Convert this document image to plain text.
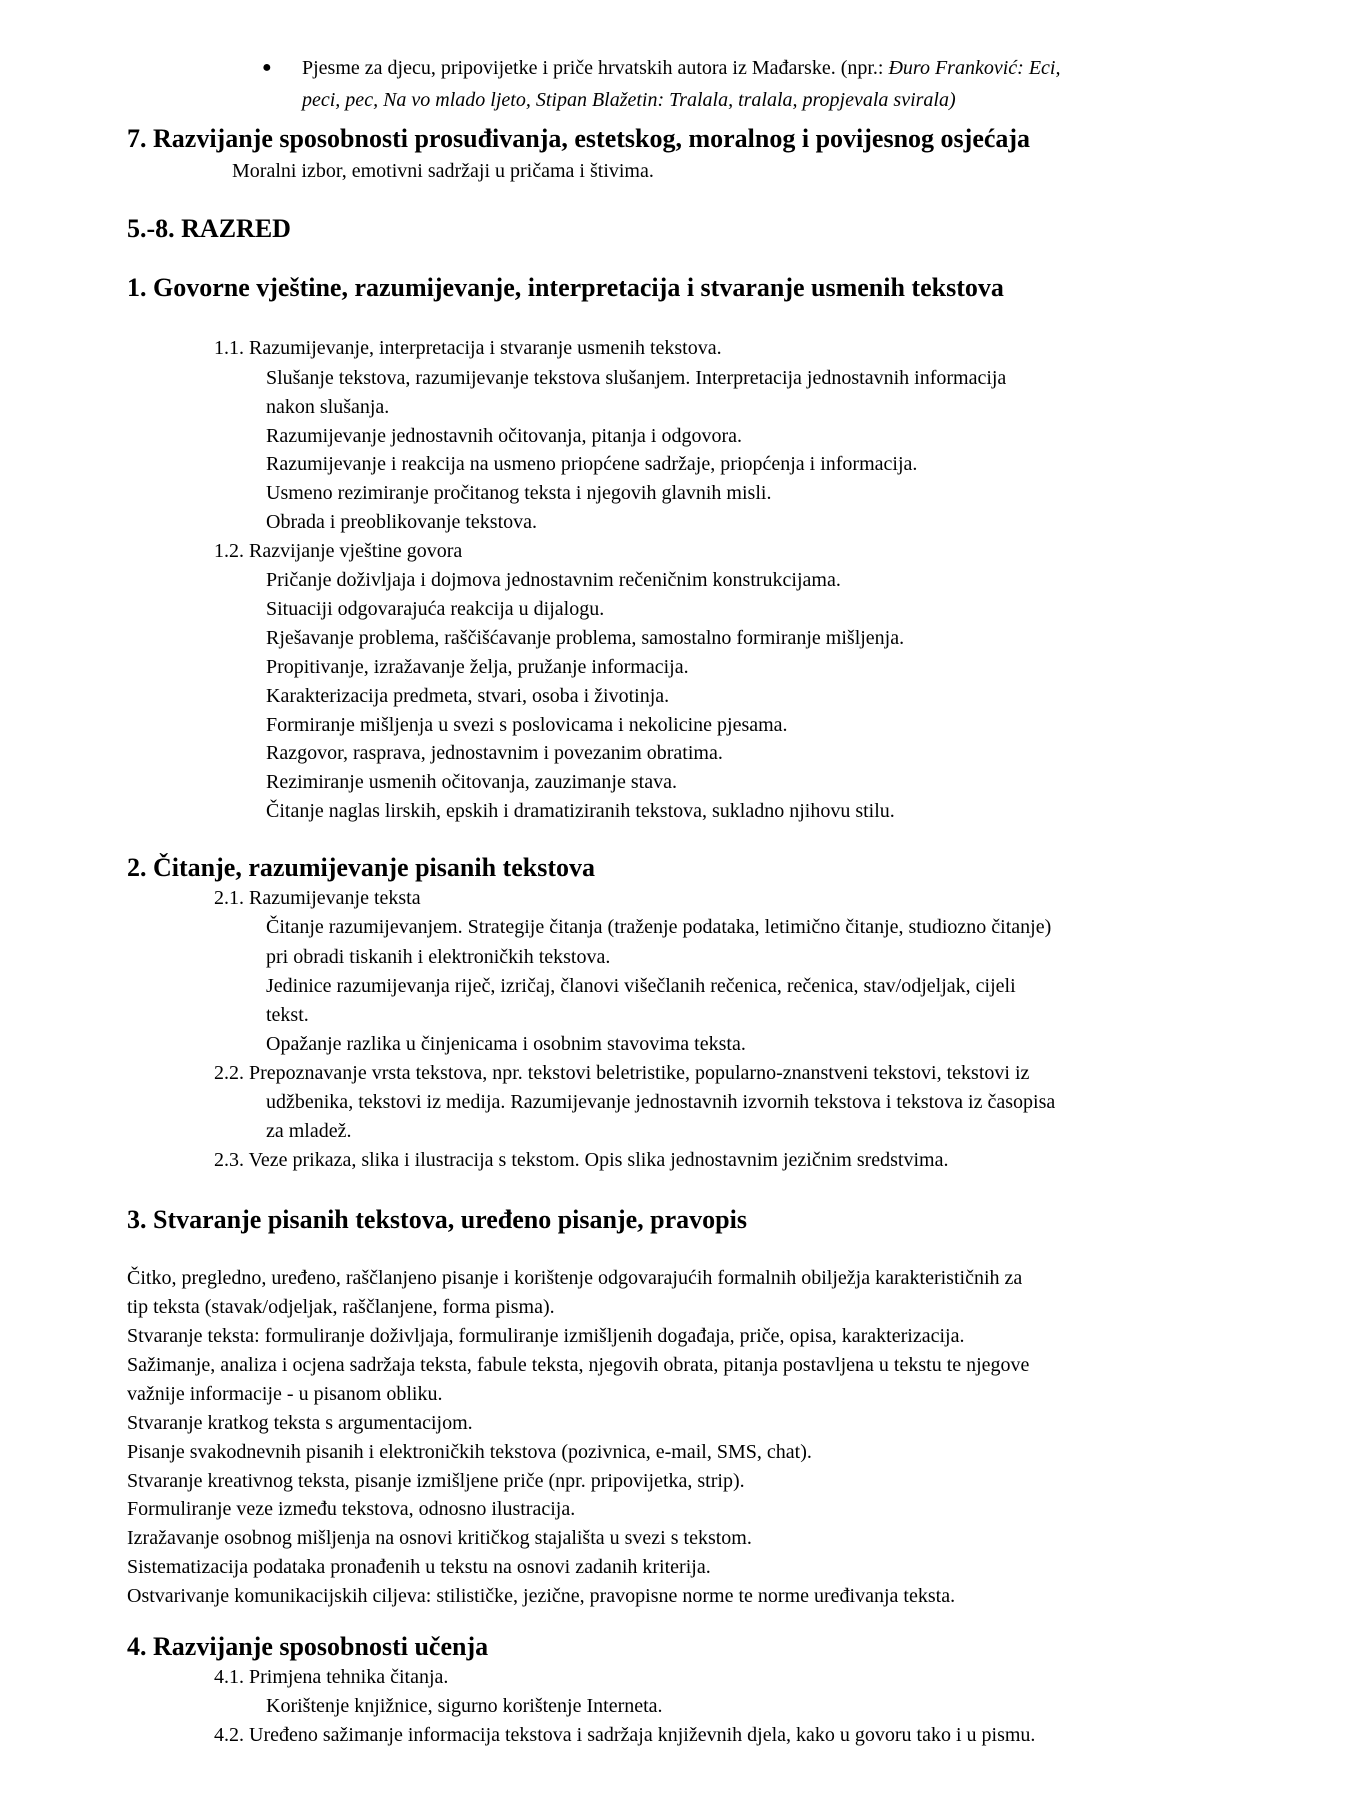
● Pjesme za djecu, pripovijetke i priče hrvatskih autora iz Mađarske. (npr.: Đuro Franković: Eci,
peci, pec, Na vo mlado ljeto, Stipan Blažetin: Tralala, tralala, propjevala svirala)
7. Razvijanje sposobnosti prosuđivanja, estetskog, moralnog i povijesnog osjećaja
Moralni izbor, emotivni sadržaji u pričama i štivima.
5.-8. RAZRED
1. Govorne vještine, razumijevanje, interpretacija i stvaranje usmenih tekstova
1.1. Razumijevanje, interpretacija i stvaranje usmenih tekstova.
Slušanje tekstova, razumijevanje tekstova slušanjem. Interpretacija jednostavnih informacija
nakon slušanja.
Razumijevanje jednostavnih očitovanja, pitanja i odgovora.
Razumijevanje i reakcija na usmeno priopćene sadržaje, priopćenja i informacija.
Usmeno rezimiranje pročitanog teksta i njegovih glavnih misli.
Obrada i preoblikovanje tekstova.
1.2. Razvijanje vještine govora
Pričanje doživljaja i dojmova jednostavnim rečeničnim konstrukcijama.
Situaciji odgovarajuća reakcija u dijalogu.
Rješavanje problema, raščišćavanje problema, samostalno formiranje mišljenja.
Propitivanje, izražavanje želja, pružanje informacija.
Karakterizacija predmeta, stvari, osoba i životinja.
Formiranje mišljenja u svezi s poslovicama i nekolicine pjesama.
Razgovor, rasprava, jednostavnim i povezanim obratima.
Rezimiranje usmenih očitovanja, zauzimanje stava.
Čitanje naglas lirskih, epskih i dramatiziranih tekstova, sukladno njihovu stilu.
2. Čitanje, razumijevanje pisanih tekstova
2.1. Razumijevanje teksta
Čitanje razumijevanjem. Strategije čitanja (traženje podataka, letimično čitanje, studiozno čitanje)
pri obradi tiskanih i elektroničkih tekstova.
Jedinice razumijevanja riječ, izričaj, članovi višečlanih rečenica, rečenica, stav/odjeljak, cijeli
tekst.
Opažanje razlika u činjenicama i osobnim stavovima teksta.
2.2. Prepoznavanje vrsta tekstova, npr. tekstovi beletristike, popularno-znanstveni tekstovi, tekstovi iz
udžbenika, tekstovi iz medija. Razumijevanje jednostavnih izvornih tekstova i tekstova iz časopisa
za mladež.
2.3. Veze prikaza, slika i ilustracija s tekstom. Opis slika jednostavnim jezičnim sredstvima.
3. Stvaranje pisanih tekstova, uređeno pisanje, pravopis
Čitko, pregledno, uređeno, raščlanjeno pisanje i korištenje odgovarajućih formalnih obilježja karakterističnih za
tip teksta (stavak/odjeljak, raščlanjene, forma pisma).
Stvaranje teksta: formuliranje doživljaja, formuliranje izmišljenih događaja, priče, opisa, karakterizacija.
Sažimanje, analiza i ocjena sadržaja teksta, fabule teksta, njegovih obrata, pitanja postavljena u tekstu te njegove
važnije informacije - u pisanom obliku.
Stvaranje kratkog teksta s argumentacijom.
Pisanje svakodnevnih pisanih i elektroničkih tekstova (pozivnica, e-mail, SMS, chat).
Stvaranje kreativnog teksta, pisanje izmišljene priče (npr. pripovijetka, strip).
Formuliranje veze između tekstova, odnosno ilustracija.
Izražavanje osobnog mišljenja na osnovi kritičkog stajališta u svezi s tekstom.
Sistematizacija podataka pronađenih u tekstu na osnovi zadanih kriterija.
Ostvarivanje komunikacijskih ciljeva: stilističke, jezične, pravopisne norme te norme uređivanja teksta.
4. Razvijanje sposobnosti učenja
4.1. Primjena tehnika čitanja.
Korištenje knjižnice, sigurno korištenje Interneta.
4.2. Uređeno sažimanje informacija tekstova i sadržaja književnih djela, kako u govoru tako i u pismu.
